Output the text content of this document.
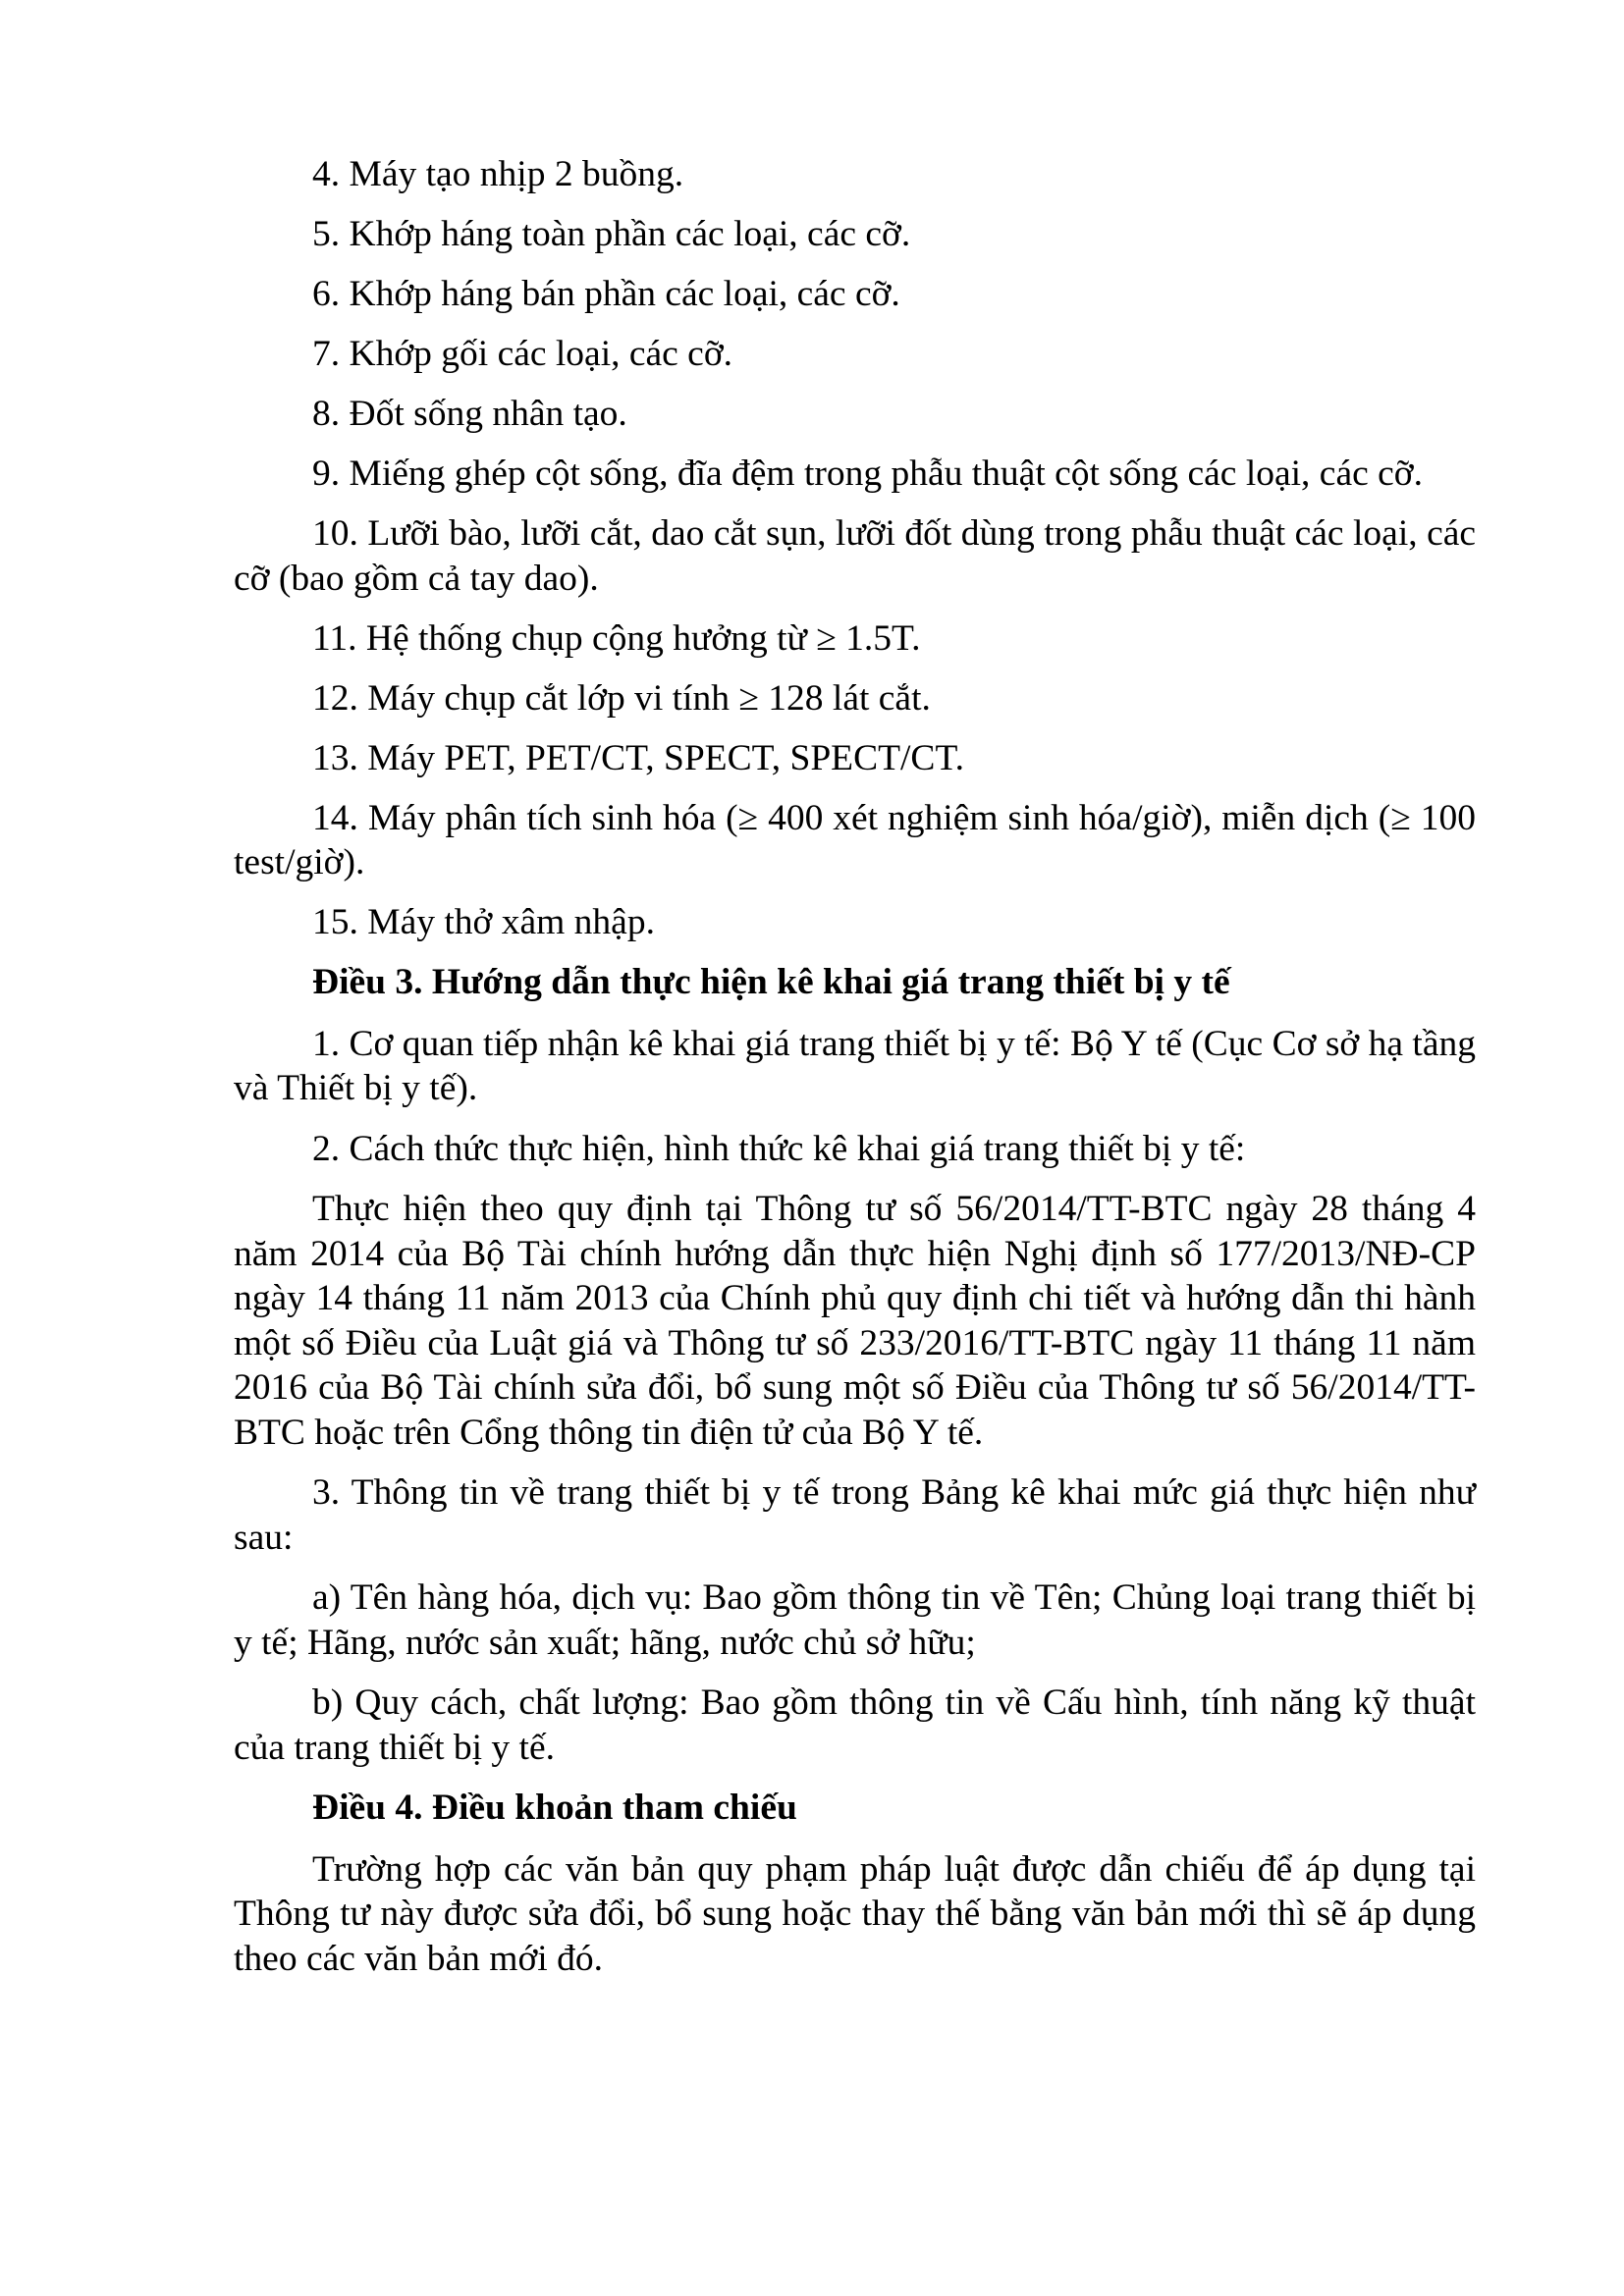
4. Máy tạo nhịp 2 buồng.

5. Khớp háng toàn phần các loại, các cỡ.

6. Khớp háng bán phần các loại, các cỡ.

7. Khớp gối các loại, các cỡ.

8. Đốt sống nhân tạo.

9. Miếng ghép cột sống, đĩa đệm trong phẫu thuật cột sống các loại, các cỡ.

10. Lưỡi bào, lưỡi cắt, dao cắt sụn, lưỡi đốt dùng trong phẫu thuật các loại, các cỡ (bao gồm cả tay dao).

11. Hệ thống chụp cộng hưởng từ ≥ 1.5T.

12. Máy chụp cắt lớp vi tính ≥ 128 lát cắt.

13. Máy PET, PET/CT, SPECT, SPECT/CT.

14. Máy phân tích sinh hóa (≥ 400 xét nghiệm sinh hóa/giờ), miễn dịch (≥ 100 test/giờ).

15. Máy thở xâm nhập.

Điều 3. Hướng dẫn thực hiện kê khai giá trang thiết bị y tế

1. Cơ quan tiếp nhận kê khai giá trang thiết bị y tế: Bộ Y tế (Cục Cơ sở hạ tầng và Thiết bị y tế).

2. Cách thức thực hiện, hình thức kê khai giá trang thiết bị y tế:

Thực hiện theo quy định tại Thông tư số 56/2014/TT-BTC ngày 28 tháng 4 năm 2014 của Bộ Tài chính hướng dẫn thực hiện Nghị định số 177/2013/NĐ-CP ngày 14 tháng 11 năm 2013 của Chính phủ quy định chi tiết và hướng dẫn thi hành một số Điều của Luật giá và Thông tư số 233/2016/TT-BTC ngày 11 tháng 11 năm 2016 của Bộ Tài chính sửa đổi, bổ sung một số Điều của Thông tư số 56/2014/TT-BTC hoặc trên Cổng thông tin điện tử của Bộ Y tế.

3. Thông tin về trang thiết bị y tế trong Bảng kê khai mức giá thực hiện như sau:

a) Tên hàng hóa, dịch vụ: Bao gồm thông tin về Tên; Chủng loại trang thiết bị y tế; Hãng, nước sản xuất; hãng, nước chủ sở hữu;

b) Quy cách, chất lượng: Bao gồm thông tin về Cấu hình, tính năng kỹ thuật của trang thiết bị y tế.

Điều 4. Điều khoản tham chiếu

Trường hợp các văn bản quy phạm pháp luật được dẫn chiếu để áp dụng tại Thông tư này được sửa đổi, bổ sung hoặc thay thế bằng văn bản mới thì sẽ áp dụng theo các văn bản mới đó.
